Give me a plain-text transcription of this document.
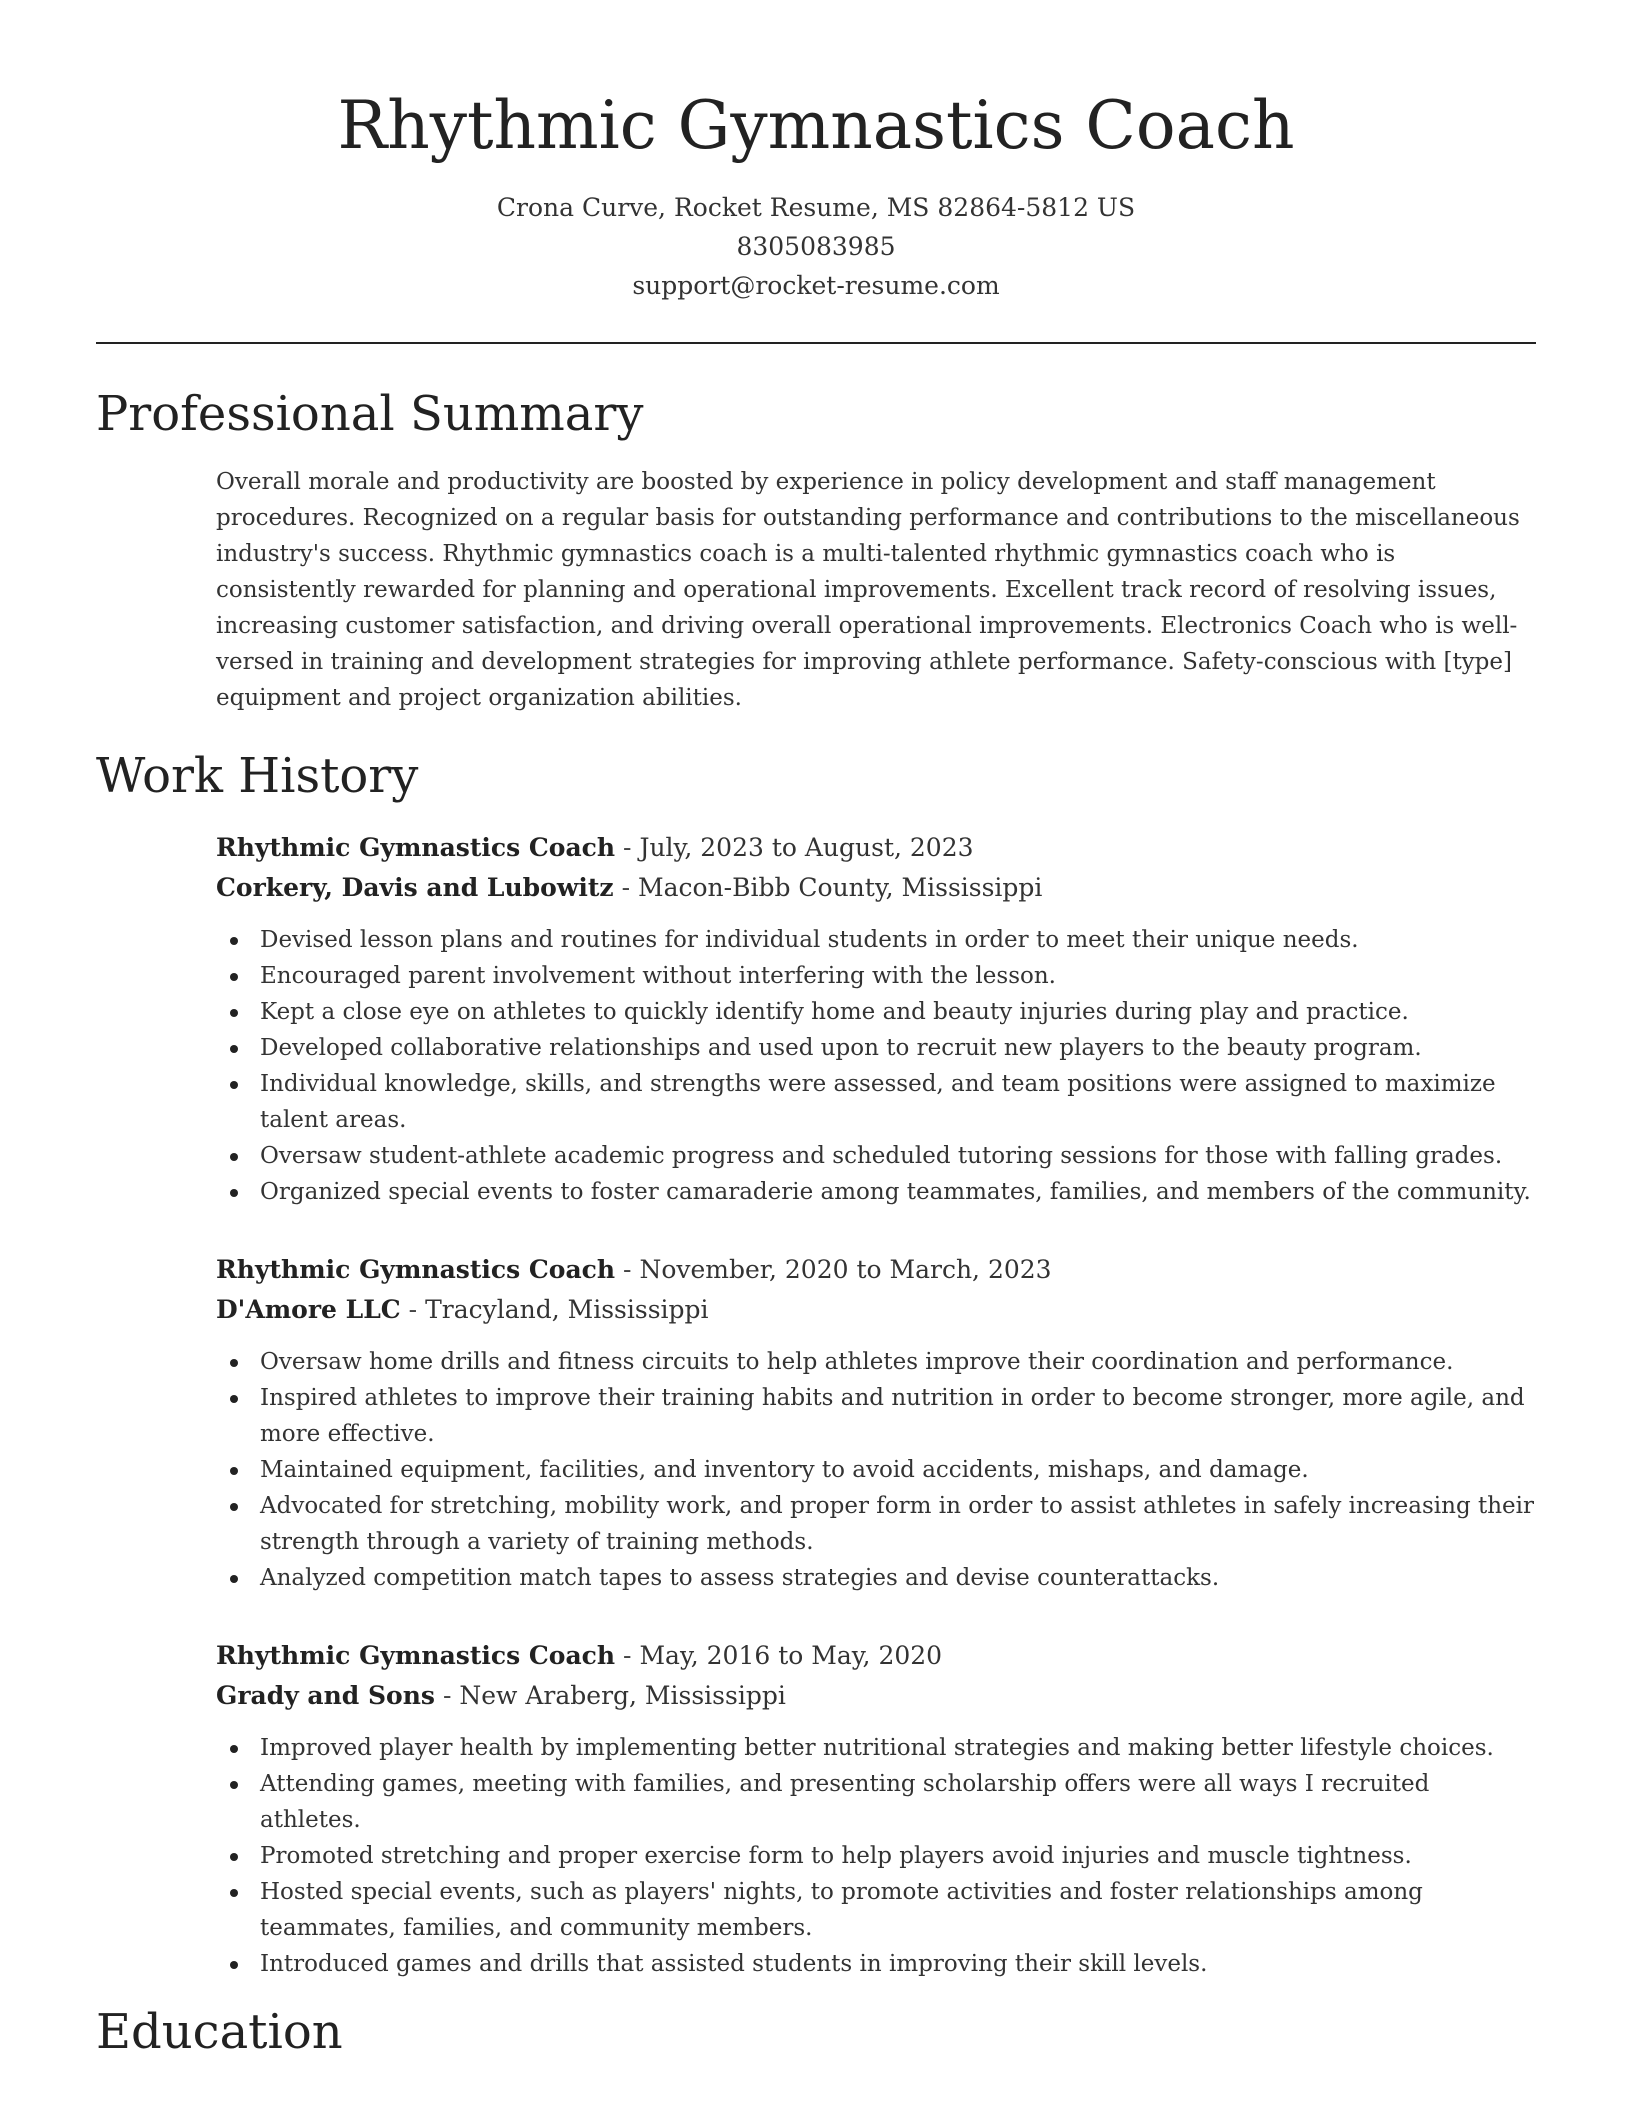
Rhythmic Gymnastics Coach
Crona Curve, Rocket Resume, MS 82864-5812 US
8305083985
support@rocket-resume.com
Professional Summary

Overall morale and productivity are boosted by experience in policy development and staff management procedures. Recognized on a regular basis for outstanding performance and contributions to the miscellaneous industry's success. Rhythmic gymnastics coach is a multi-talented rhythmic gymnastics coach who is consistently rewarded for planning and operational improvements. Excellent track record of resolving issues, increasing customer satisfaction, and driving overall operational improvements. Electronics Coach who is well-versed in training and development strategies for improving athlete performance. Safety-conscious with [type] equipment and project organization abilities.

Work History
Rhythmic Gymnastics Coach - July, 2023 to August, 2023
Corkery, Davis and Lubowitz - Macon-Bibb County, Mississippi
Devised lesson plans and routines for individual students in order to meet their unique needs.
Encouraged parent involvement without interfering with the lesson.
Kept a close eye on athletes to quickly identify home and beauty injuries during play and practice.
Developed collaborative relationships and used upon to recruit new players to the beauty program.
Individual knowledge, skills, and strengths were assessed, and team positions were assigned to maximize talent areas.
Oversaw student-athlete academic progress and scheduled tutoring sessions for those with falling grades.
Organized special events to foster camaraderie among teammates, families, and members of the community.
Rhythmic Gymnastics Coach - November, 2020 to March, 2023
D'Amore LLC - Tracyland, Mississippi
Oversaw home drills and fitness circuits to help athletes improve their coordination and performance.
Inspired athletes to improve their training habits and nutrition in order to become stronger, more agile, and more effective.
Maintained equipment, facilities, and inventory to avoid accidents, mishaps, and damage.
Advocated for stretching, mobility work, and proper form in order to assist athletes in safely increasing their strength through a variety of training methods.
Analyzed competition match tapes to assess strategies and devise counterattacks.
Rhythmic Gymnastics Coach - May, 2016 to May, 2020
Grady and Sons - New Araberg, Mississippi
Improved player health by implementing better nutritional strategies and making better lifestyle choices.
Attending games, meeting with families, and presenting scholarship offers were all ways I recruited athletes.
Promoted stretching and proper exercise form to help players avoid injuries and muscle tightness.
Hosted special events, such as players' nights, to promote activities and foster relationships among teammates, families, and community members.
Introduced games and drills that assisted students in improving their skill levels.
Education
